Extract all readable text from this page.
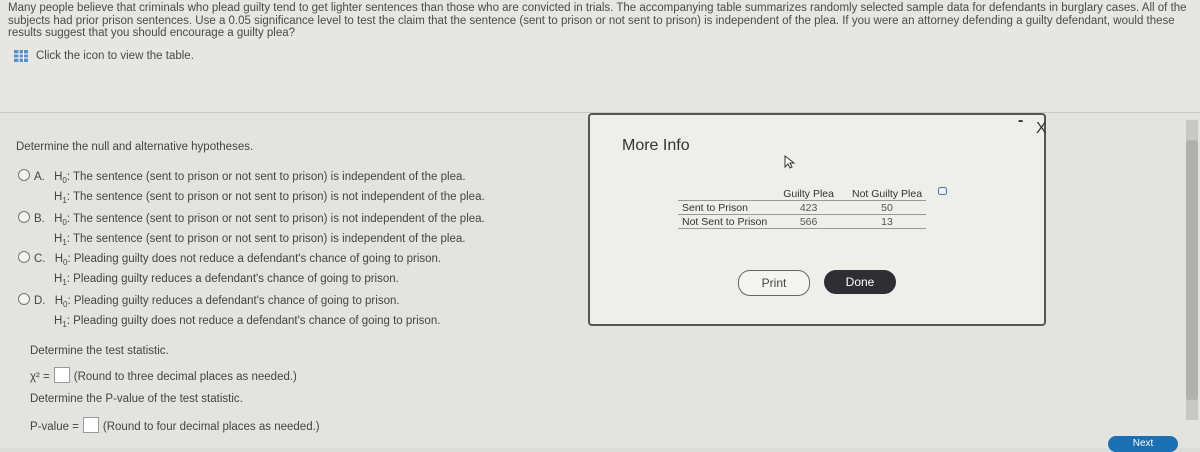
Many people believe that criminals who plead guilty tend to get lighter sentences than those who are convicted in trials. The accompanying table summarizes randomly selected sample data for defendants in burglary cases. All of the subjects had prior prison sentences. Use a 0.05 significance level to test the claim that the sentence (sent to prison or not sent to prison) is independent of the plea. If you were an attorney defending a guilty defendant, would these results suggest that you should encourage a guilty plea?
Click the icon to view the table.
Determine the null and alternative hypotheses.
A. $H_0$: The sentence (sent to prison or not sent to prison) is independent of the plea.
$H_1$: The sentence (sent to prison or not sent to prison) is not independent of the plea.
B. $H_0$: The sentence (sent to prison or not sent to prison) is not independent of the plea.
$H_1$: The sentence (sent to prison or not sent to prison) is independent of the plea.
C. $H_0$: Pleading guilty does not reduce a defendant's chance of going to prison.
$H_1$: Pleading guilty reduces a defendant's chance of going to prison.
D. $H_0$: Pleading guilty reduces a defendant's chance of going to prison.
$H_1$: Pleading guilty does not reduce a defendant's chance of going to prison.
Determine the test statistic.
χ² = (Round to three decimal places as needed.)
Determine the P-value of the test statistic.
P-value = (Round to four decimal places as needed.)
More Info
	Guilty Plea	Not Guilty Plea
Sent to Prison	423	50
Not Sent to Prison	566	13
Print	Done
- X
Next
